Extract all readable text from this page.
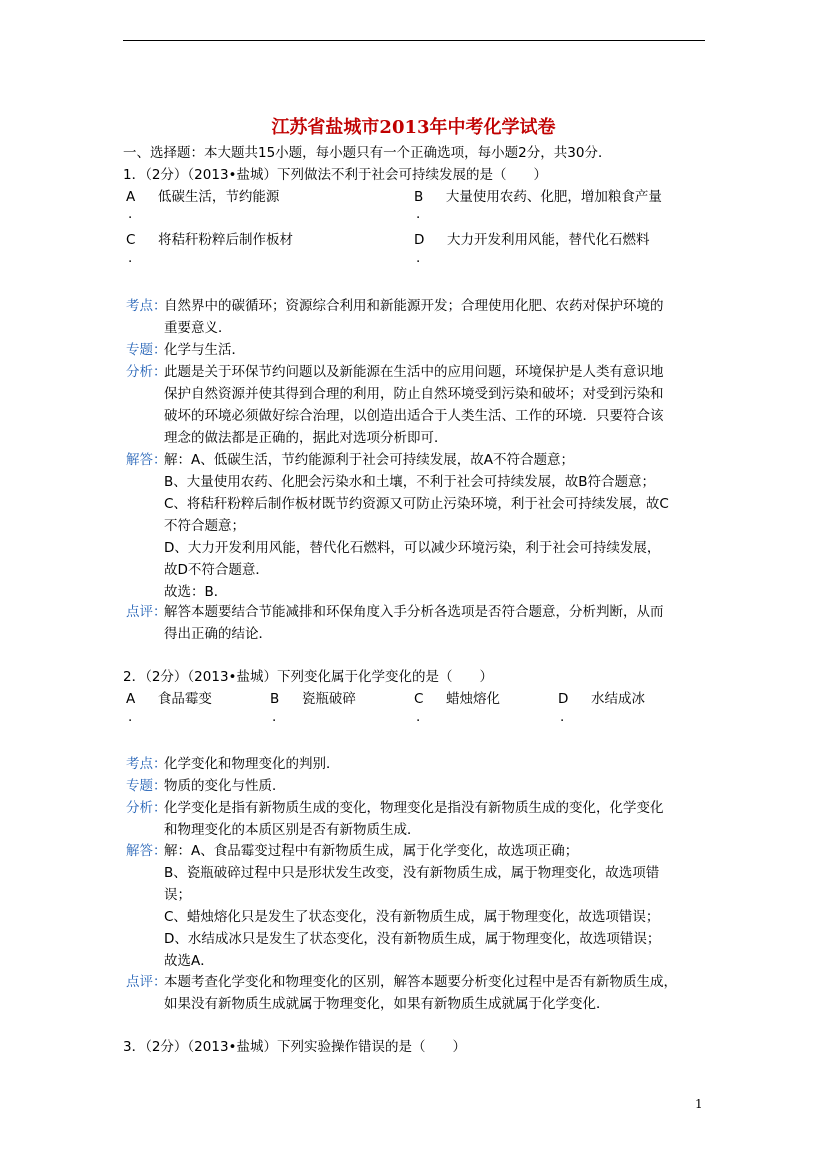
江苏省盐城市2013年中考化学试卷
一、选择题：本大题共15小题，每小题只有一个正确选项，每小题2分，共30分．
1．（2分）（2013•盐城）下列做法不利于社会可持续发展的是（　　）
A 低碳生活，节约能源
.
B 大量使用农药、化肥，增加粮食产量
.
C 将秸秆粉粹后制作板材
.
D 大力开发利用风能，替代化石燃料
.
考点：
自然界中的碳循环；资源综合利用和新能源开发；合理使用化肥、农药对保护环境的
重要意义．
专题：
化学与生活．
分析：
此题是关于环保节约问题以及新能源在生活中的应用问题，环境保护是人类有意识地
保护自然资源并使其得到合理的利用，防止自然环境受到污染和破坏；对受到污染和
破坏的环境必须做好综合治理，以创造出适合于人类生活、工作的环境．只要符合该
理念的做法都是正确的，据此对选项分析即可．
解答：
解：A、低碳生活，节约能源利于社会可持续发展，故A不符合题意；
B、大量使用农药、化肥会污染水和土壤，不利于社会可持续发展，故B符合题意；
C、将秸秆粉粹后制作板材既节约资源又可防止污染环境，利于社会可持续发展，故C
不符合题意；
D、大力开发利用风能，替代化石燃料，可以减少环境污染，利于社会可持续发展，
故D不符合题意．
故选：B．
点评：
解答本题要结合节能减排和环保角度入手分析各选项是否符合题意，分析判断，从而
得出正确的结论．
2．（2分）（2013•盐城）下列变化属于化学变化的是（　　）
A 食品霉变
.
B 瓷瓶破碎
.
C 蜡烛熔化
.
D 水结成冰
.
考点：
化学变化和物理变化的判别．
专题：
物质的变化与性质．
分析：
化学变化是指有新物质生成的变化，物理变化是指没有新物质生成的变化，化学变化
和物理变化的本质区别是否有新物质生成．
解答：
解：A、食品霉变过程中有新物质生成，属于化学变化，故选项正确；
B、瓷瓶破碎过程中只是形状发生改变，没有新物质生成，属于物理变化，故选项错
误；
C、蜡烛熔化只是发生了状态变化，没有新物质生成，属于物理变化，故选项错误；
D、水结成冰只是发生了状态变化，没有新物质生成，属于物理变化，故选项错误；
故选A．
点评：
本题考查化学变化和物理变化的区别，解答本题要分析变化过程中是否有新物质生成，
如果没有新物质生成就属于物理变化，如果有新物质生成就属于化学变化．
3．（2分）（2013•盐城）下列实验操作错误的是（　　）
1
